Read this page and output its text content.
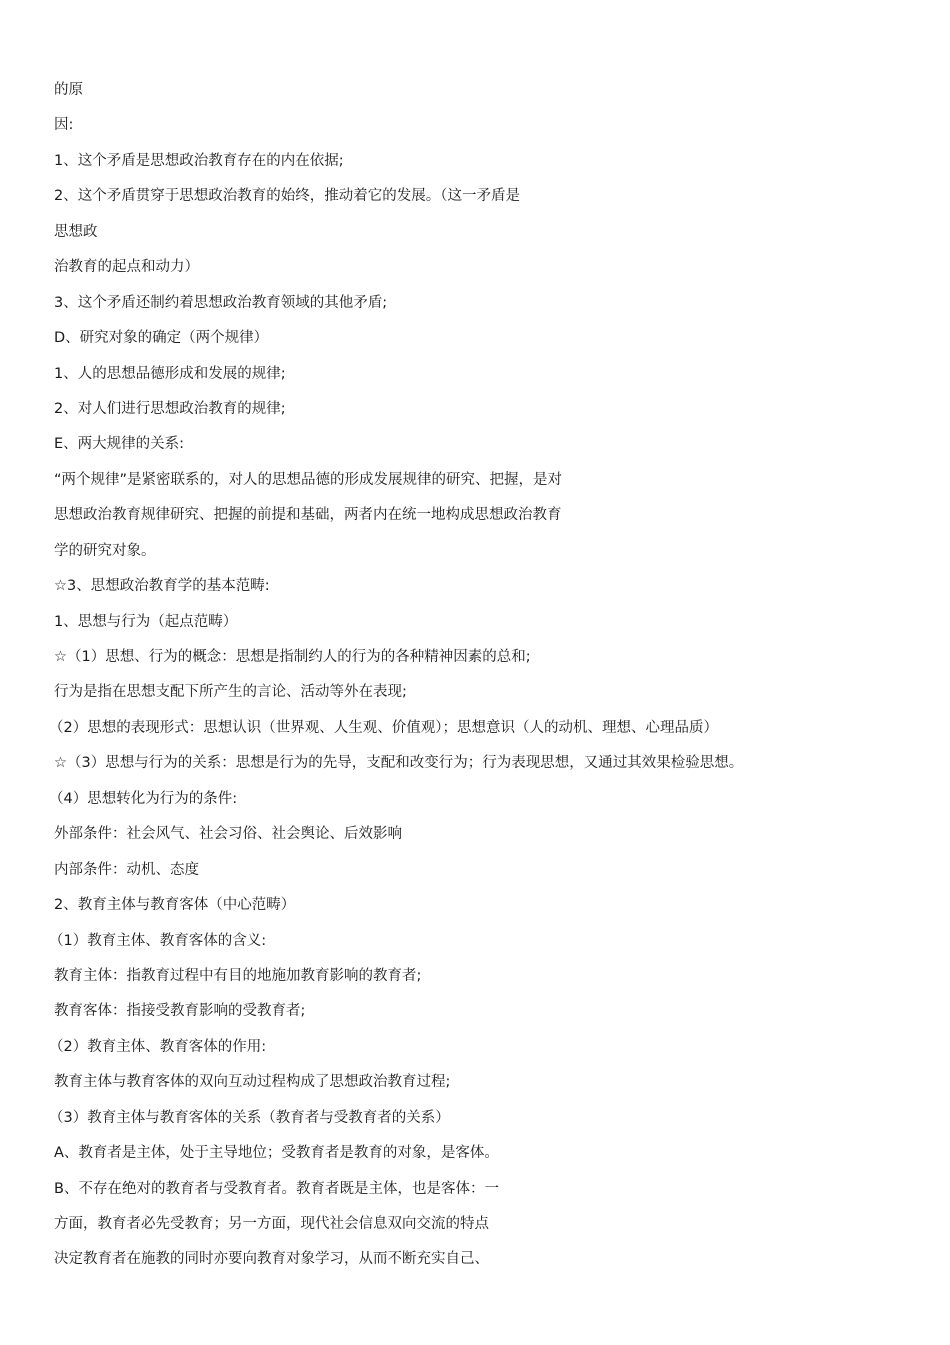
的原
因:
1、这个矛盾是思想政治教育存在的内在依据;
2、这个矛盾贯穿于思想政治教育的始终，推动着它的发展。（这一矛盾是
思想政
治教育的起点和动力）
3、这个矛盾还制约着思想政治教育领域的其他矛盾;
D、研究对象的确定（两个规律）
1、人的思想品德形成和发展的规律;
2、对人们进行思想政治教育的规律;
E、两大规律的关系:
“两个规律”是紧密联系的，对人的思想品德的形成发展规律的研究、把握，是对
思想政治教育规律研究、把握的前提和基础，两者内在统一地构成思想政治教育
学的研究对象。
☆3、思想政治教育学的基本范畴:
1、思想与行为（起点范畴）
☆（1）思想、行为的概念：思想是指制约人的行为的各种精神因素的总和;
行为是指在思想支配下所产生的言论、活动等外在表现;
（2）思想的表现形式：思想认识（世界观、人生观、价值观）；思想意识（人的动机、理想、心理品质）
☆（3）思想与行为的关系：思想是行为的先导，支配和改变行为；行为表现思想，又通过其效果检验思想。
（4）思想转化为行为的条件:
外部条件：社会风气、社会习俗、社会舆论、后效影响
内部条件：动机、态度
2、教育主体与教育客体（中心范畴）
（1）教育主体、教育客体的含义:
教育主体：指教育过程中有目的地施加教育影响的教育者;
教育客体：指接受教育影响的受教育者;
（2）教育主体、教育客体的作用:
教育主体与教育客体的双向互动过程构成了思想政治教育过程;
（3）教育主体与教育客体的关系（教育者与受教育者的关系）
A、教育者是主体，处于主导地位；受教育者是教育的对象，是客体。
B、不存在绝对的教育者与受教育者。教育者既是主体，也是客体：一
方面，教育者必先受教育；另一方面，现代社会信息双向交流的特点
决定教育者在施教的同时亦要向教育对象学习，从而不断充实自己、
